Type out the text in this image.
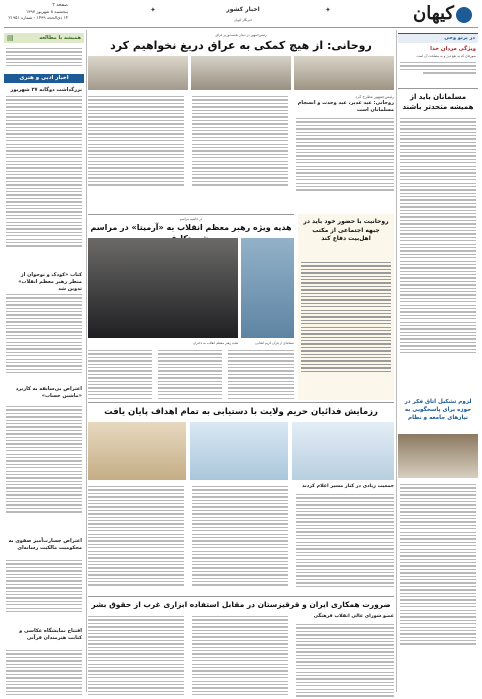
کیهان
اخبار کشور
✦	✦
صفحه ۲
پنجشنبه ۸ شهریور ۱۳۹۷
۱۴ ذی‌الحجه ۱۴۳۹ - شماره ۲۱۹۵۱	خبرنگار کیهان
در پرتو وحی
ویژگی مردان خدا
سوره‌ای که به نفع دین و به مصلحت آن است
مسلمانان باید از همیشه متحدتر باشند
لزوم تشکیل اتاق فکر در حوزه برای پاسخگویی به نیازهای جامعه و نظام
همیشه با مطالعه
▤
اخبار ادبی و هنری
بزرگداشت دوگانه ۲۷ شهریور
کتاب «کودک و نوجوان از منظر رهبر معظم انقلاب» تدوین شد
اعتراض بی‌سابقه به کاربرد «ماشین حساب»
اعتراض جسارت‌آمیز صفوی به محکومیت مالکیت رسانه‌ای
افتتاح نمایشگاه عکاسی و کتابت هنرمندان قرآنی
رئیس‌جمهور در دیدار نخست‌وزیر عراق
روحانی: از هیچ کمکی به عراق دریغ نخواهیم کرد
رئیس‌جمهور مطرح کرد
روحانی: عید غدیر، عید وحدت و انسجام مسلمانان است
در حاشیه مراسم
هدیه ویژه رهبر معظم انقلاب به «آرمیتا» در مراسم
هدیه رهبر معظم انقلاب به دختران	نسخه‌ای از قرآن کریم اهدایی
روحانیت با حضور خود باید در جبهه اجتماعی از مکتب اهل‌بیت دفاع کند
رزمایش فدائیان حریم ولایت با دستیابی به تمام اهداف پایان یافت
جمعیت زیادی در کنار مسیر اعلام کردند
ضرورت همکاری ایران و قرقیزستان در مقابل استفاده ابزاری غرب از حقوق بشر
عضو شورای عالی انقلاب فرهنگی
